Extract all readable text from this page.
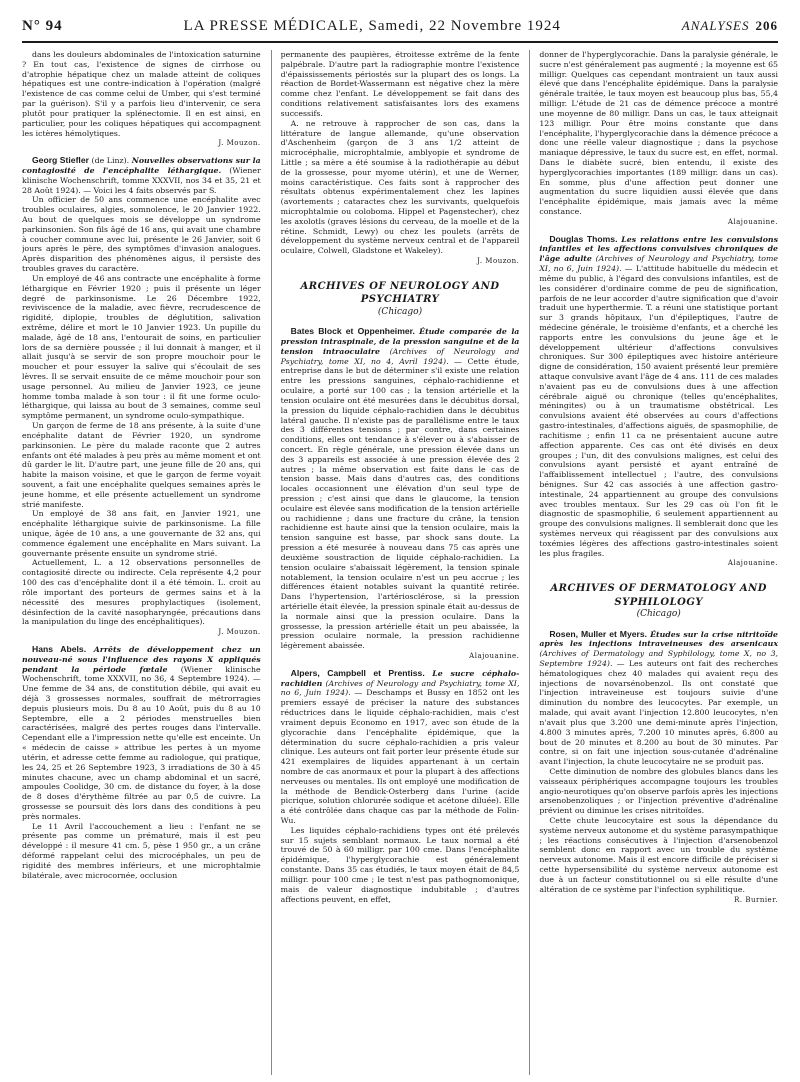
N° 94	LA PRESSE MÉDICALE, Samedi, 22 Novembre 1924	ANALYSES 206

dans les douleurs abdominales de l'intoxication saturnine ? En tout cas, l'existence de signes de cirrhose ou d'atrophie hépatique chez un malade atteint de coliques hépatiques est une contre-indication à l'opération (malgré l'existence de cas comme celui de Umber, qui s'est terminé par la guérison). S'il y a parfois lieu d'intervenir, ce sera plutôt pour pratiquer la splénectomie. Il en est ainsi, en particulier, pour les coliques hépatiques qui accompagnent les ictères hémolytiques.

J. Mouzon.

Georg Stiefler (de Linz). Nouvelles observations sur la contagiosité de l'encéphalite léthargique. (Wiener klinische Wochenschrift, tomme XXXVII, nos 34 et 35, 21 et 28 Août 1924). — Voici les 4 faits observés par S.

Un officier de 50 ans commence une encéphalite avec troubles oculaires, algies, somnolence, le 20 Janvier 1922. Au bout de quelques mois se développe un syndrome parkinsonien. Son fils âgé de 16 ans, qui avait une chambre à coucher commune avec lui, présente le 26 Janvier, soit 6 jours après le père, des symptômes d'invasion analogues. Après disparition des phénomènes aigus, il persiste des troubles graves du caractère.

Un employé de 46 ans contracte une encéphalite à forme léthargique en Février 1920 ; puis il présente un léger degré de parkinsonisme. Le 26 Décembre 1922, reviviscence de la maladie, avec fièvre, recrudescence de rigidité, diplopie, troubles de déglutition, salivation extrême, délire et mort le 10 Janvier 1923. Un pupille du malade, âgé de 18 ans, l'entourait de soins, en particulier lors de sa dernière poussée ; il lui donnait à manger, et il allait jusqu'à se servir de son propre mouchoir pour le moucher et pour essuyer la salive qui s'écoulait de ses lèvres. Il se servait ensuite de ce même mouchoir pour son usage personnel. Au milieu de Janvier 1923, ce jeune homme tomba malade à son tour : il fit une forme oculo-léthargique, qui laissa au bout de 3 semaines, comme seul symptôme permanent, un syndrome oculo-sympathique.

Un garçon de ferme de 18 ans présente, à la suite d'une encéphalite datant de Février 1920, un syndrome parkinsonien. Le père du malade raconte que 2 autres enfants ont été malades à peu près au même moment et ont dû garder le lit. D'autre part, une jeune fille de 20 ans, qui habite la maison voisine, et que le garçon de ferme voyait souvent, a fait une encéphalite quelques semaines après le jeune homme, et elle présente actuellement un syndrome strié manifeste.

Un employé de 38 ans fait, en Janvier 1921, une encéphalite léthargique suivie de parkinsonisme. La fille unique, âgée de 10 ans, a une gouvernante de 32 ans, qui commence également une encéphalite en Mars suivant. La gouvernante présente ensuite un syndrome strié.

Actuellement, L. a 12 observations personnelles de contagiosité directe ou indirecte. Cela représente 4,2 pour 100 des cas d'encéphalite dont il a été témoin. L. croit au rôle important des porteurs de germes sains et à la nécessité des mesures prophylactiques (isolement, désinfection de la cavité nasopharyngée, précautions dans la manipulation du linge des encéphalitiques).

J. Mouzon.

Hans Abels. Arrêts de développement chez un nouveau-né sous l'influence des rayons X appliqués pendant la période fœtale (Wiener klinische Wochenschrift, tome XXXVII, no 36, 4 Septembre 1924). — Une femme de 34 ans, de constitution débile, qui avait eu déjà 3 grossesses normales, souffrait de métrorragies depuis plusieurs mois. Du 8 au 10 Août, puis du 8 au 10 Septembre, elle a 2 périodes menstruelles bien caractérisées, malgré des pertes rouges dans l'intervalle. Cependant elle a l'impression nette qu'elle est enceinte. Un « médecin de caisse » attribue les pertes à un myome utérin, et adresse cette femme au radiologue, qui pratique, les 24, 25 et 26 Septembre 1923, 3 irradiations de 30 à 45 minutes chacune, avec un champ abdominal et un sacré, ampoules Coolidge, 30 cm. de distance du foyer, à la dose de 8 doses d'érythème filtrée au par 0,5 de cuivre. La grossesse se poursuit dès lors dans des conditions à peu près normales.

Le 11 Avril l'accouchement a lieu : l'enfant ne se présente pas comme un prématuré, mais il est peu développé : il mesure 41 cm. 5, pèse 1 950 gr., a un crâne déformé rappelant celui des microcéphales, un peu de rigidité des membres inférieurs, et une microphtalmie bilatérale, avec microcornée, occlusion

permanente des paupières, étroitesse extrême de la fente palpébrale. D'autre part la radiographie montre l'existence d'épaississements périostés sur la plupart des os longs. La réaction de Bordet-Wassermann est négative chez la mère comme chez l'enfant. Le développement se fait dans des conditions relativement satisfaisantes lors des examens successifs.

A. ne retrouve à rapprocher de son cas, dans la littérature de langue allemande, qu'une observation d'Aschenheim (garçon de 3 ans 1/2 atteint de microcéphalie, microphtalmie, amblyopie et syndrome de Little ; sa mère a été soumise à la radiothérapie au début de la grossesse, pour myome utérin), et une de Werner, moins caractéristique. Ces faits sont à rapprocher des résultats obtenus expérimentalement chez les lapines (avortements ; cataractes chez les survivants, quelquefois microphtalmie ou coloboma. Hippel et Pagenstecher), chez les axolotls (graves lésions du cerveau, de la moelle et de la rétine. Schmidt, Lewy) ou chez les poulets (arrêts de développement du système nerveux central et de l'appareil oculaire, Colwell, Gladstone et Wakeley).

J. Mouzon.
ARCHIVES OF NEUROLOGY AND PSYCHIATRY
(Chicago)

Bates Block et Oppenheimer. Étude comparée de la pression intraspinale, de la pression sanguine et de la tension intraoculaire (Archives of Neurology and Psychiatry, tome XI, no 4, Avril 1924). — Cette étude, entreprise dans le but de déterminer s'il existe une relation entre les pressions sanguines, céphalo-rachidienne et oculaire, a porté sur 100 cas ; la tension artérielle et la tension oculaire ont été mesurées dans le décubitus dorsal, la pression du liquide céphalo-rachidien dans le décubitus latéral gauche. Il n'existe pas de parallélisme entre le taux des 3 différentes tensions ; par contre, dans certaines conditions, elles ont tendance à s'élever ou à s'abaisser de concert. En règle générale, une pression élevée dans un des 3 appareils est associée à une pression élevée des 2 autres ; la même observation est faite dans le cas de tension basse. Mais dans d'autres cas, des conditions locales occasionnent une élévation d'un seul type de pression ; c'est ainsi que dans le glaucome, la tension oculaire est élevée sans modification de la tension artérielle ou rachidienne ; dans une fracture du crâne, la tension rachidienne est haute ainsi que la tension oculaire, mais la tension sanguine est basse, par shock sans doute. La pression a été mesurée à nouveau dans 75 cas après une deuxième soustraction de liquide céphalo-rachidien. La tension oculaire s'abaissait légèrement, la tension spinale notablement, la tension oculaire n'est un peu accrue ; les différences étaient notables suivant la quantité retirée. Dans l'hypertension, l'artériosclérose, si la pression artérielle était élevée, la pression spinale était au-dessus de la normale ainsi que la pression oculaire. Dans la grossesse, la pression artérielle était un peu abaissée, la pression oculaire normale, la pression rachidienne légèrement abaissée.

Alajouanine.

Alpers, Campbell et Prentiss. Le sucre céphalo-rachidien (Archives of Neurology and Psychiatry, tome XI, no 6, Juin 1924). — Deschamps et Bussy en 1852 ont les premiers essayé de préciser la nature des substances réductrices dans le liquide céphalo-rachidien, mais c'est vraiment depuis Economo en 1917, avec son étude de la glycorachie dans l'encéphalite épidémique, que la détermination du sucre céphalo-rachidien a pris valeur clinique. Les auteurs ont fait porter leur présente étude sur 421 exemplaires de liquides appartenant à un certain nombre de cas anormaux et pour la plupart à des affections nerveuses ou mentales. Ils ont employé une modification de la méthode de Bendick-Osterberg dans l'urine (acide picrique, solution chlorurée sodique et acétone diluée). Elle a été contrôlée dans chaque cas par la méthode de Folin-Wu.

Les liquides céphalo-rachidiens types ont été prélevés sur 15 sujets semblant normaux. Le taux normal a été trouvé de 50 à 60 milligr. par 100 cme. Dans l'encéphalite épidémique, l'hyperglycorachie est généralement constante. Dans 35 cas étudiés, le taux moyen était de 84,5 milligr. pour 100 cme ; le test n'est pas pathognomonique, mais de valeur diagnostique indubitable ; d'autres affections peuvent, en effet,

donner de l'hyperglycorachie. Dans la paralysie générale, le sucre n'est généralement pas augmenté ; la moyenne est 65 milligr. Quelques cas cependant montraient un taux aussi élevé que dans l'encéphalite épidémique. Dans la paralysie générale traitée, le taux moyen est beaucoup plus bas, 55,4 milligr. L'étude de 21 cas de démence précoce a montré une moyenne de 80 milligr. Dans un cas, le taux atteignait 123 milligr. Pour être moins constante que dans l'encéphalite, l'hyperglycorachie dans la démence précoce a donc une réelle valeur diagnostique ; dans la psychose maniaque dépressive, le taux du sucre est, en effet, normal. Dans le diabète sucré, bien entendu, il existe des hyperglycorachies importantes (189 milligr. dans un cas). En somme, plus d'une affection peut donner une augmentation du sucre liquidien aussi élevée que dans l'encéphalite épidémique, mais jamais avec la même constance.

Alajouanine.

Douglas Thoms. Les relations entre les convulsions infantiles et les affections convulsives chroniques de l'âge adulte (Archives of Neurology and Psychiatry, tome XI, no 6, Juin 1924). — L'attitude habituelle du médecin et même du public, à l'égard des convulsions infantiles, est de les considérer d'ordinaire comme de peu de signification, parfois de ne leur accorder d'autre signification que d'avoir traduit une hyperthermie. T. a réuni une statistique portant sur 3 grands hôpitaux, l'un d'épileptiques, l'autre de médecine générale, le troisième d'enfants, et a cherché les rapports entre les convulsions du jeune âge et le développement ultérieur d'affections convulsives chroniques. Sur 300 épileptiques avec histoire antérieure digne de considération, 150 avaient présenté leur première attaque convulsive avant l'âge de 4 ans. 111 de ces malades n'avaient pas eu de convulsions dues à une affection cérébrale aiguë ou chronique (telles qu'encéphalites, méningites) ou à un traumatisme obstétrical. Les convulsions avaient été observées au cours d'affections gastro-intestinales, d'affections aiguës, de spasmophilie, de rachitisme ; enfin 11 ca ne présentaient aucune autre affection apparente. Ces cas ont été divisés en deux groupes ; l'un, dit des convulsions malignes, est celui des convulsions ayant persisté et ayant entraîné de l'affaiblissement intellectuel ; l'autre, des convulsions bénignes. Sur 42 cas associés à une affection gastro-intestinale, 24 appartiennent au groupe des convulsions avec troubles mentaux. Sur les 29 cas où l'on fit le diagnostic de spasmophilie, 6 seulement appartiennent au groupe des convulsions malignes. Il semblerait donc que les systèmes nerveux qui réagissent par des convulsions aux toxémies légères des affections gastro-intestinales soient les plus fragiles.

Alajouanine.
ARCHIVES OF DERMATOLOGY AND SYPHILOLOGY
(Chicago)

Rosen, Muller et Myers. Études sur la crise nitritoïde après les injections intraveineuses des arsenicaux (Archives of Dermatology and Syphilology, tome X, no 3, Septembre 1924). — Les auteurs ont fait des recherches hématologiques chez 40 malades qui avaient reçu des injections de novarsénobenzol. Ils ont constaté que l'injection intraveineuse est toujours suivie d'une diminution du nombre des leucocytes. Par exemple, un malade, qui avait avant l'injection 12.800 leucocytes, n'en n'avait plus que 3.200 une demi-minute après l'injection, 4.800 3 minutes après, 7.200 10 minutes après, 6.800 au bout de 20 minutes et 8.200 au bout de 30 minutes. Par contre, si on fait une injection sous-cutanée d'adrénaline avant l'injection, la chute leucocytaire ne se produit pas.

Cette diminution de nombre des globules blancs dans les vaisseaux périphériques accompagne toujours les troubles angio-neurotiques qu'on observe parfois après les injections arsenobenzoliques ; or l'injection préventive d'adrénaline prévient ou diminue les crises nitritoïdes.

Cette chute leucocytaire est sous la dépendance du système nerveux autonome et du système parasympathique ; les réactions consécutives à l'injection d'arsenobenzol semblent donc en rapport avec un trouble du système nerveux autonome. Mais il est encore difficile de préciser si cette hypersensibilité du système nerveux autonome est due à un facteur constitutionnel ou si elle résulte d'une altération de ce système par l'infection syphilitique.

R. Burnier.
